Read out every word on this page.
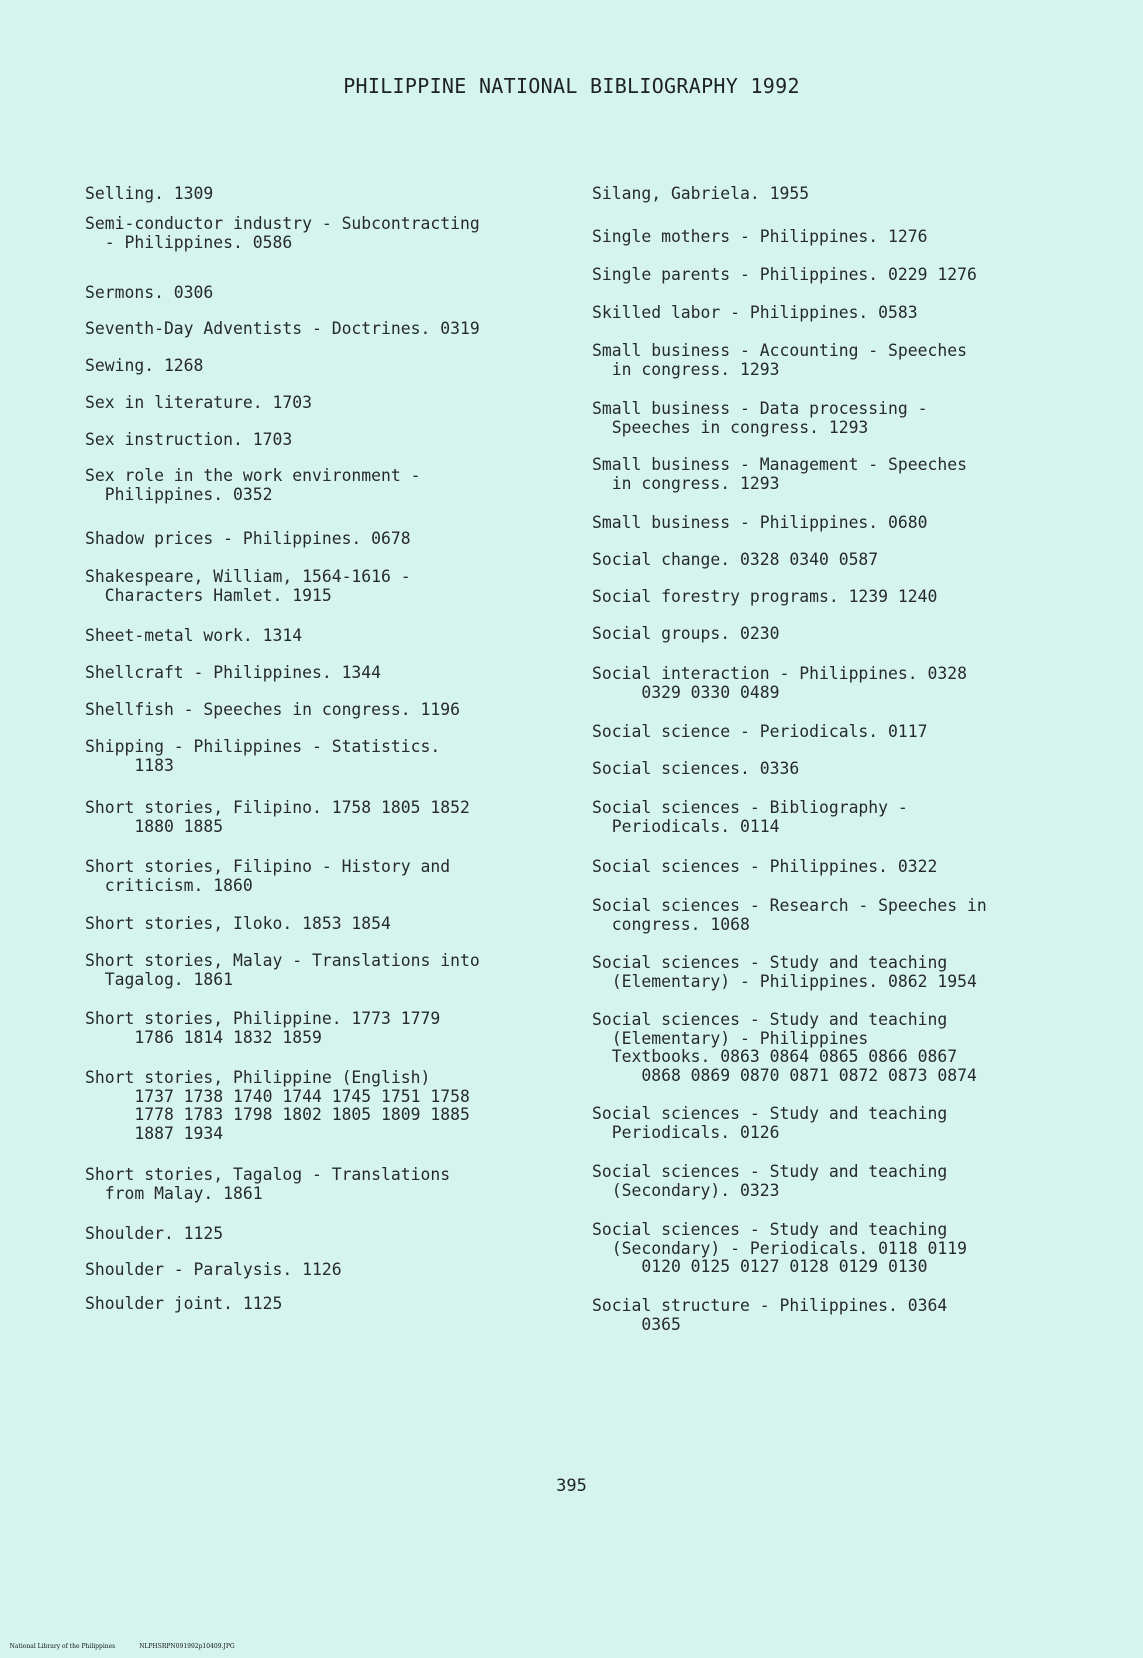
PHILIPPINE NATIONAL BIBLIOGRAPHY 1992
Selling. 1309
Semi-conductor industry - Subcontracting
- Philippines. 0586
Sermons. 0306
Seventh-Day Adventists - Doctrines. 0319
Sewing. 1268
Sex in literature. 1703
Sex instruction. 1703
Sex role in the work environment -
Philippines. 0352
Shadow prices - Philippines. 0678
Shakespeare, William, 1564-1616 -
Characters Hamlet. 1915
Sheet-metal work. 1314
Shellcraft - Philippines. 1344
Shellfish - Speeches in congress. 1196
Shipping - Philippines - Statistics.
1183
Short stories, Filipino. 1758 1805 1852
1880 1885
Short stories, Filipino - History and
criticism. 1860
Short stories, Iloko. 1853 1854
Short stories, Malay - Translations into
Tagalog. 1861
Short stories, Philippine. 1773 1779
1786 1814 1832 1859
Short stories, Philippine (English)
1737 1738 1740 1744 1745 1751 1758
1778 1783 1798 1802 1805 1809 1885
1887 1934
Short stories, Tagalog - Translations
from Malay. 1861
Shoulder. 1125
Shoulder - Paralysis. 1126
Shoulder joint. 1125
Silang, Gabriela. 1955
Single mothers - Philippines. 1276
Single parents - Philippines. 0229 1276
Skilled labor - Philippines. 0583
Small business - Accounting - Speeches
in congress. 1293
Small business - Data processing -
Speeches in congress. 1293
Small business - Management - Speeches
in congress. 1293
Small business - Philippines. 0680
Social change. 0328 0340 0587
Social forestry programs. 1239 1240
Social groups. 0230
Social interaction - Philippines. 0328
0329 0330 0489
Social science - Periodicals. 0117
Social sciences. 0336
Social sciences - Bibliography -
Periodicals. 0114
Social sciences - Philippines. 0322
Social sciences - Research - Speeches in
congress. 1068
Social sciences - Study and teaching
(Elementary) - Philippines. 0862 1954
Social sciences - Study and teaching
(Elementary) - Philippines
Textbooks. 0863 0864 0865 0866 0867
0868 0869 0870 0871 0872 0873 0874
Social sciences - Study and teaching
Periodicals. 0126
Social sciences - Study and teaching
(Secondary). 0323
Social sciences - Study and teaching
(Secondary) - Periodicals. 0118 0119
0120 0125 0127 0128 0129 0130
Social structure - Philippines. 0364
0365
395

National Library of the Philippines	NLPHSRPN091992p10409.JPG
